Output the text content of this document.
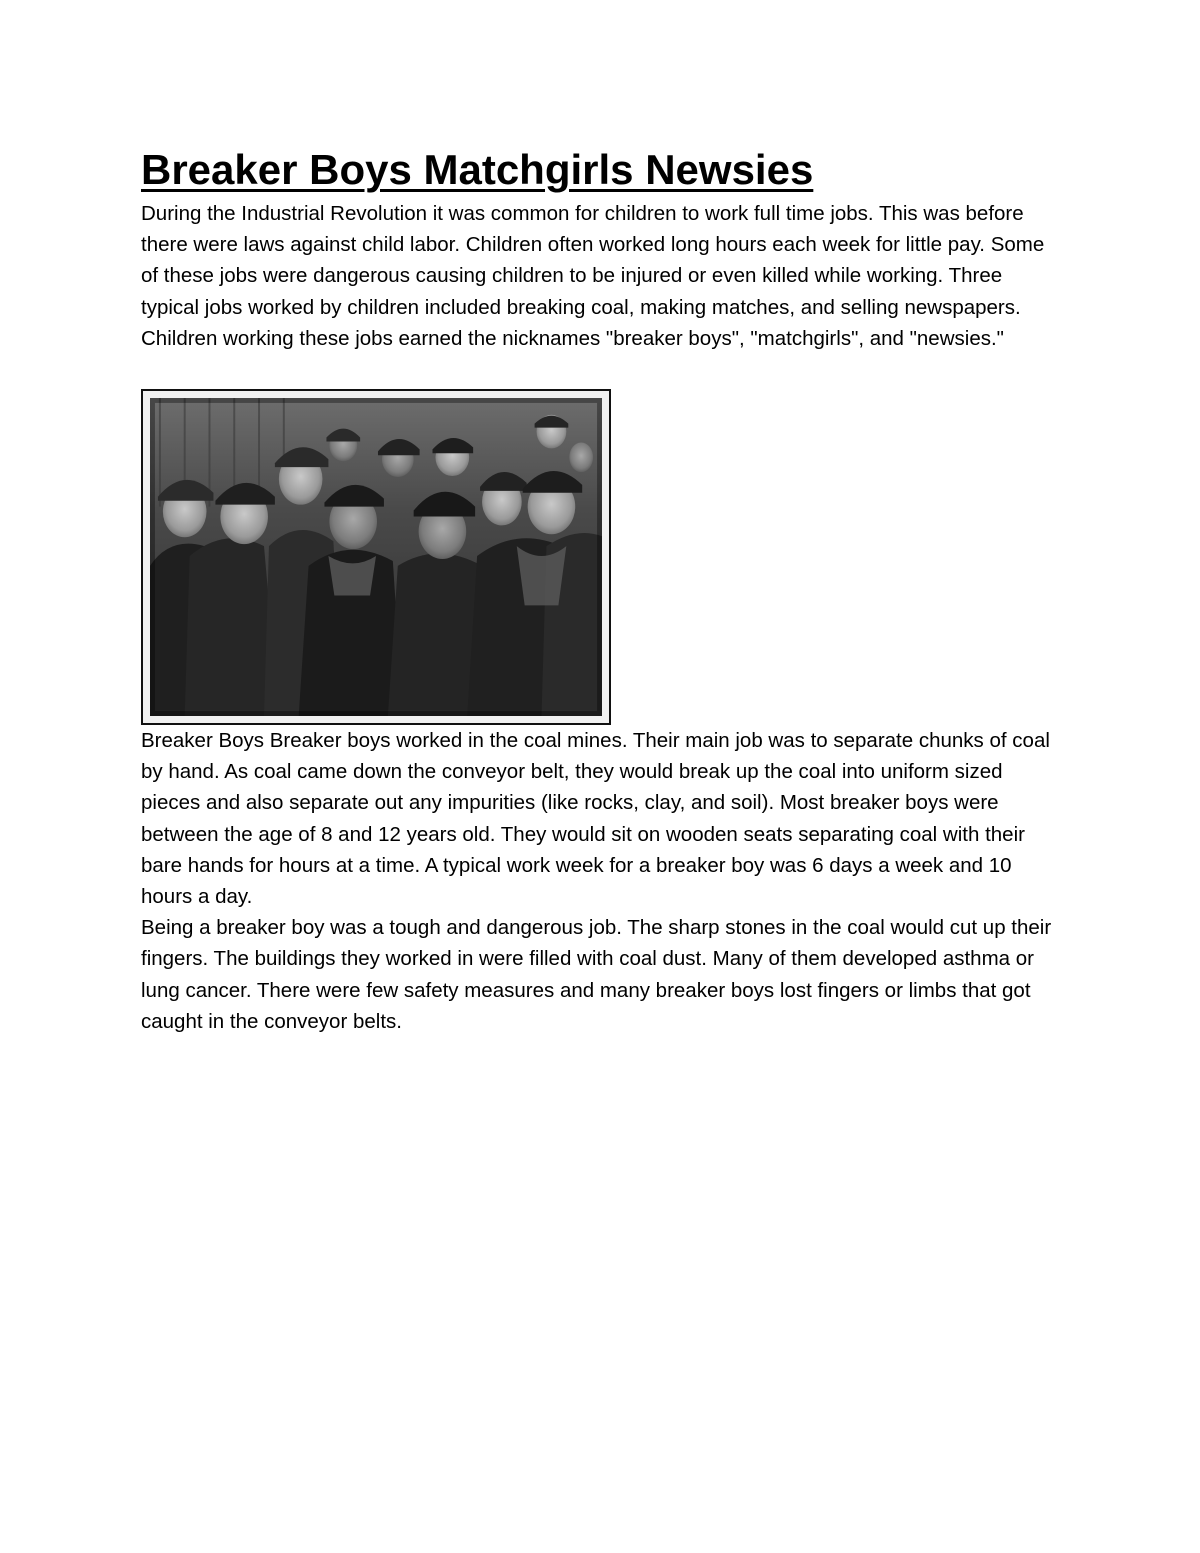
Breaker Boys Matchgirls Newsies

During the Industrial Revolution it was common for children to work full time jobs. This was before there were laws against child labor. Children often worked long hours each week for little pay. Some of these jobs were dangerous causing children to be injured or even killed while working. Three typical jobs worked by children included breaking coal, making matches, and selling newspapers. Children working these jobs earned the nicknames "breaker boys", "matchgirls", and "newsies."

Breaker Boys Breaker boys worked in the coal mines. Their main job was to separate chunks of coal by hand. As coal came down the conveyor belt, they would break up the coal into uniform sized pieces and also separate out any impurities (like rocks, clay, and soil). Most breaker boys were between the age of 8 and 12 years old. They would sit on wooden seats separating coal with their bare hands for hours at a time. A typical work week for a breaker boy was 6 days a week and 10 hours a day.

Being a breaker boy was a tough and dangerous job. The sharp stones in the coal would cut up their fingers. The buildings they worked in were filled with coal dust. Many of them developed asthma or lung cancer. There were few safety measures and many breaker boys lost fingers or limbs that got caught in the conveyor belts.
